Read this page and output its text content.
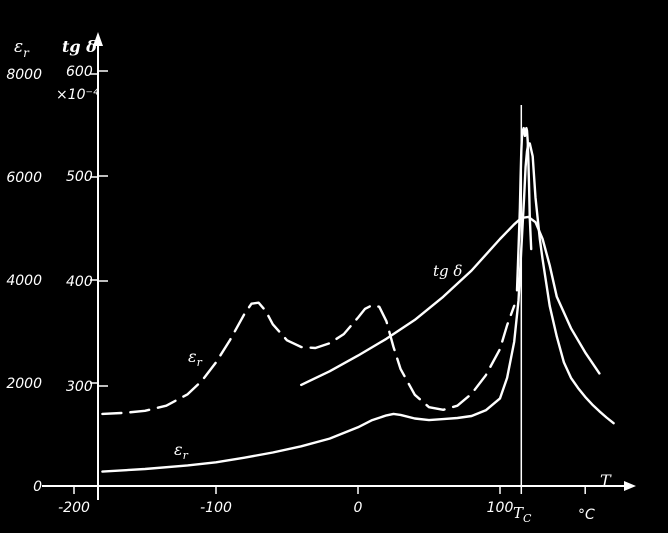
$\varepsilon_r$ tg δ
×10⁻⁴
T
°C
$T_C$
-200	-100	0	100
0
2000
4000
6000
8000
300
400
500
600
$\varepsilon_r$
$\varepsilon_r$
tg δ
